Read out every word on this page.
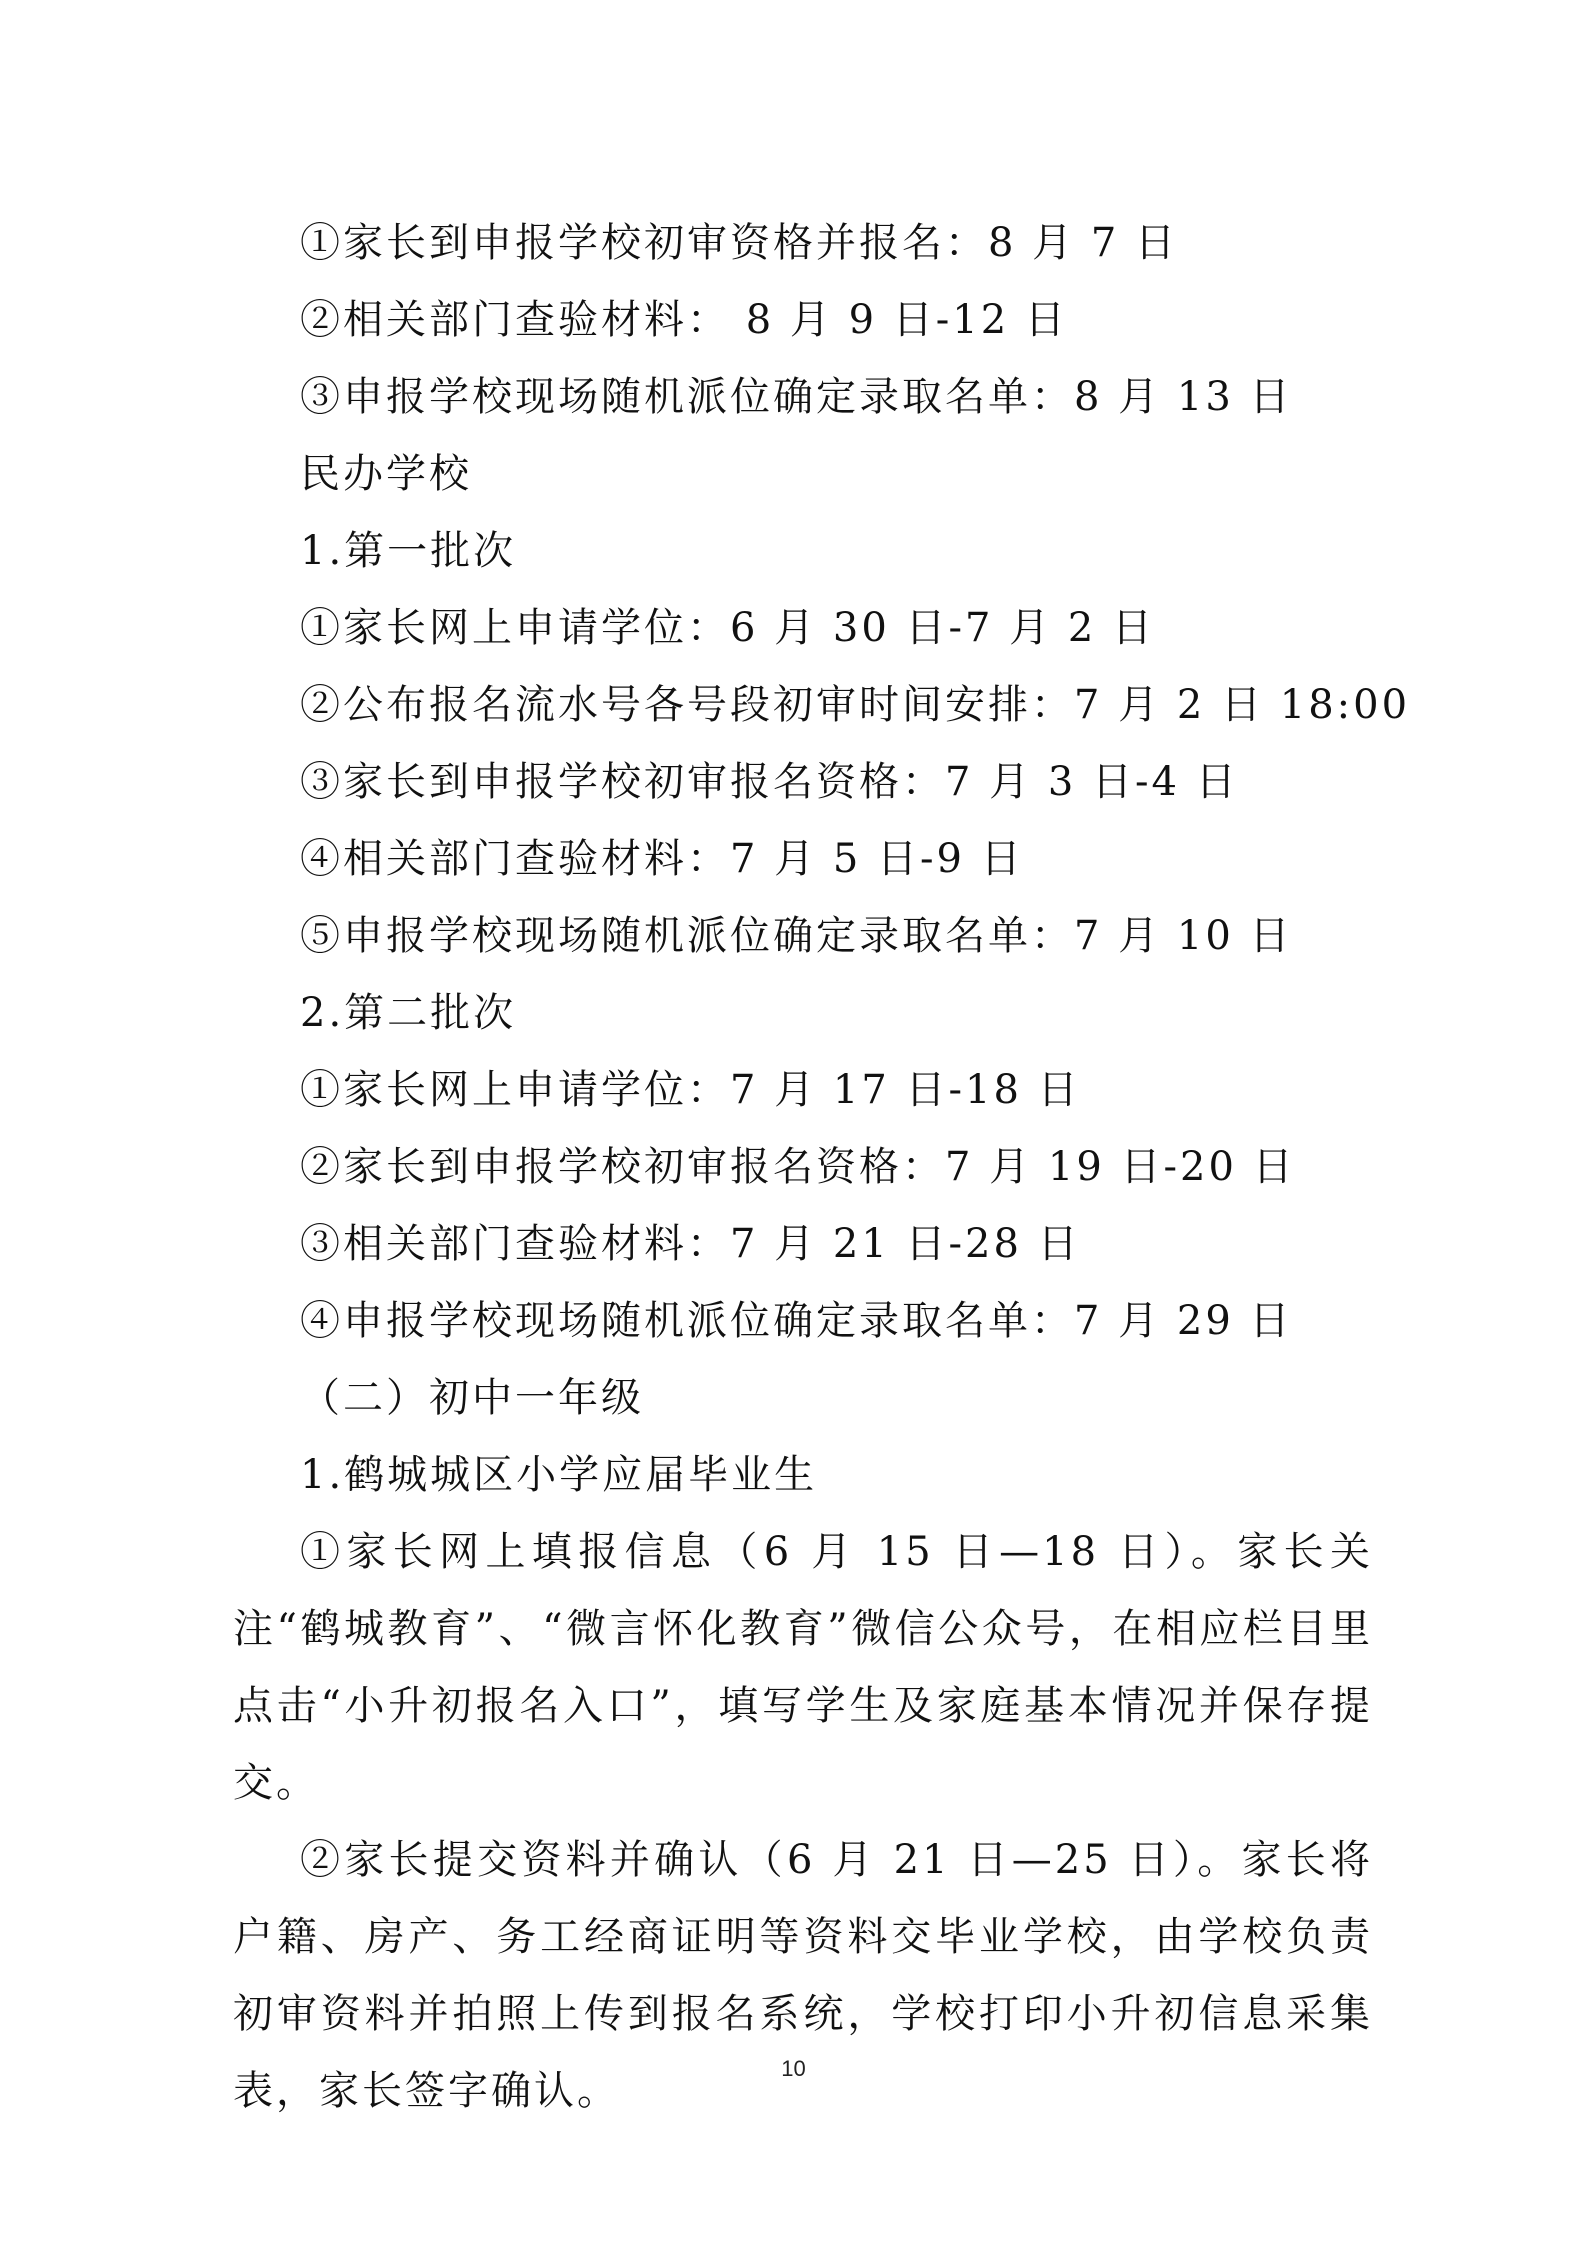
①家长到申报学校初审资格并报名：8 月 7 日
②相关部门查验材料： 8 月 9 日-12 日
③申报学校现场随机派位确定录取名单：8 月 13 日
民办学校
1.第一批次
①家长网上申请学位：6 月 30 日-7 月 2 日
②公布报名流水号各号段初审时间安排：7 月 2 日 18:00
③家长到申报学校初审报名资格：7 月 3 日-4 日
④相关部门查验材料：7 月 5 日-9 日
⑤申报学校现场随机派位确定录取名单：7 月 10 日
2.第二批次
①家长网上申请学位：7 月 17 日-18 日
②家长到申报学校初审报名资格：7 月 19 日-20 日
③相关部门查验材料：7 月 21 日-28 日
④申报学校现场随机派位确定录取名单：7 月 29 日
（二）初中一年级
1.鹤城城区小学应届毕业生
①家长网上填报信息（6 月 15 日—18 日）。家长关注“鹤城教育”、“微言怀化教育”微信公众号，在相应栏目里点击“小升初报名入口”，填写学生及家庭基本情况并保存提交。
②家长提交资料并确认（6 月 21 日—25 日）。家长将户籍、房产、务工经商证明等资料交毕业学校，由学校负责初审资料并拍照上传到报名系统，学校打印小升初信息采集表，家长签字确认。	10
